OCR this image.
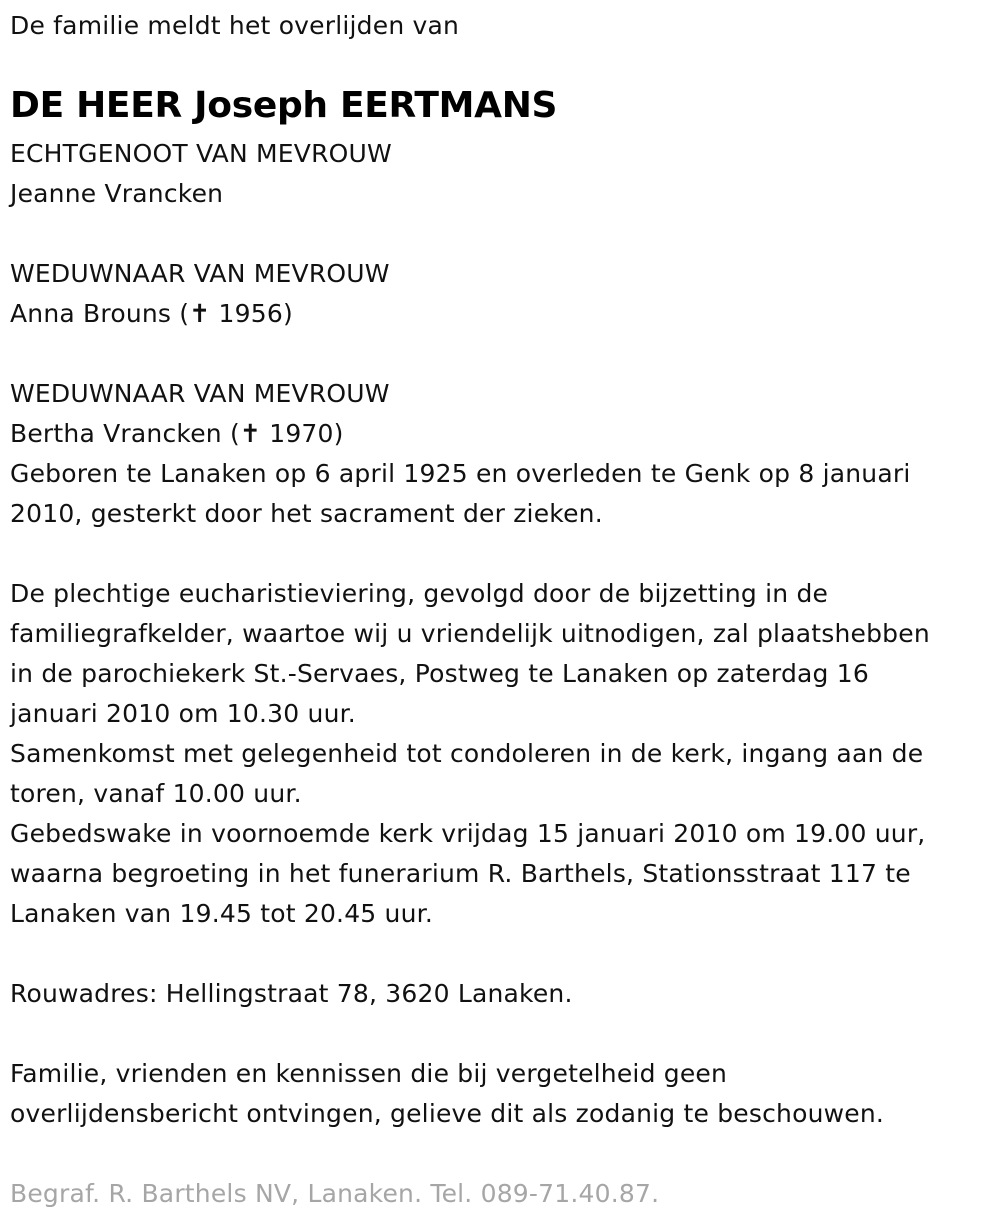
De familie meldt het overlijden van
DE HEER Joseph EERTMANS
ECHTGENOOT VAN MEVROUW
Jeanne Vrancken
WEDUWNAAR VAN MEVROUW
Anna Brouns (✝ 1956)
WEDUWNAAR VAN MEVROUW
Bertha Vrancken (✝ 1970)
Geboren te Lanaken op 6 april 1925 en overleden te Genk op 8 januari
2010, gesterkt door het sacrament der zieken.
De plechtige eucharistieviering, gevolgd door de bijzetting in de
familiegrafkelder, waartoe wij u vriendelijk uitnodigen, zal plaatshebben
in de parochiekerk St.-Servaes, Postweg te Lanaken op zaterdag 16
januari 2010 om 10.30 uur.
Samenkomst met gelegenheid tot condoleren in de kerk, ingang aan de
toren, vanaf 10.00 uur.
Gebedswake in voornoemde kerk vrijdag 15 januari 2010 om 19.00 uur,
waarna begroeting in het funerarium R. Barthels, Stationsstraat 117 te
Lanaken van 19.45 tot 20.45 uur.
Rouwadres: Hellingstraat 78, 3620 Lanaken.
Familie, vrienden en kennissen die bij vergetelheid geen
overlijdensbericht ontvingen, gelieve dit als zodanig te beschouwen.
Begraf. R. Barthels NV, Lanaken. Tel. 089-71.40.87.
